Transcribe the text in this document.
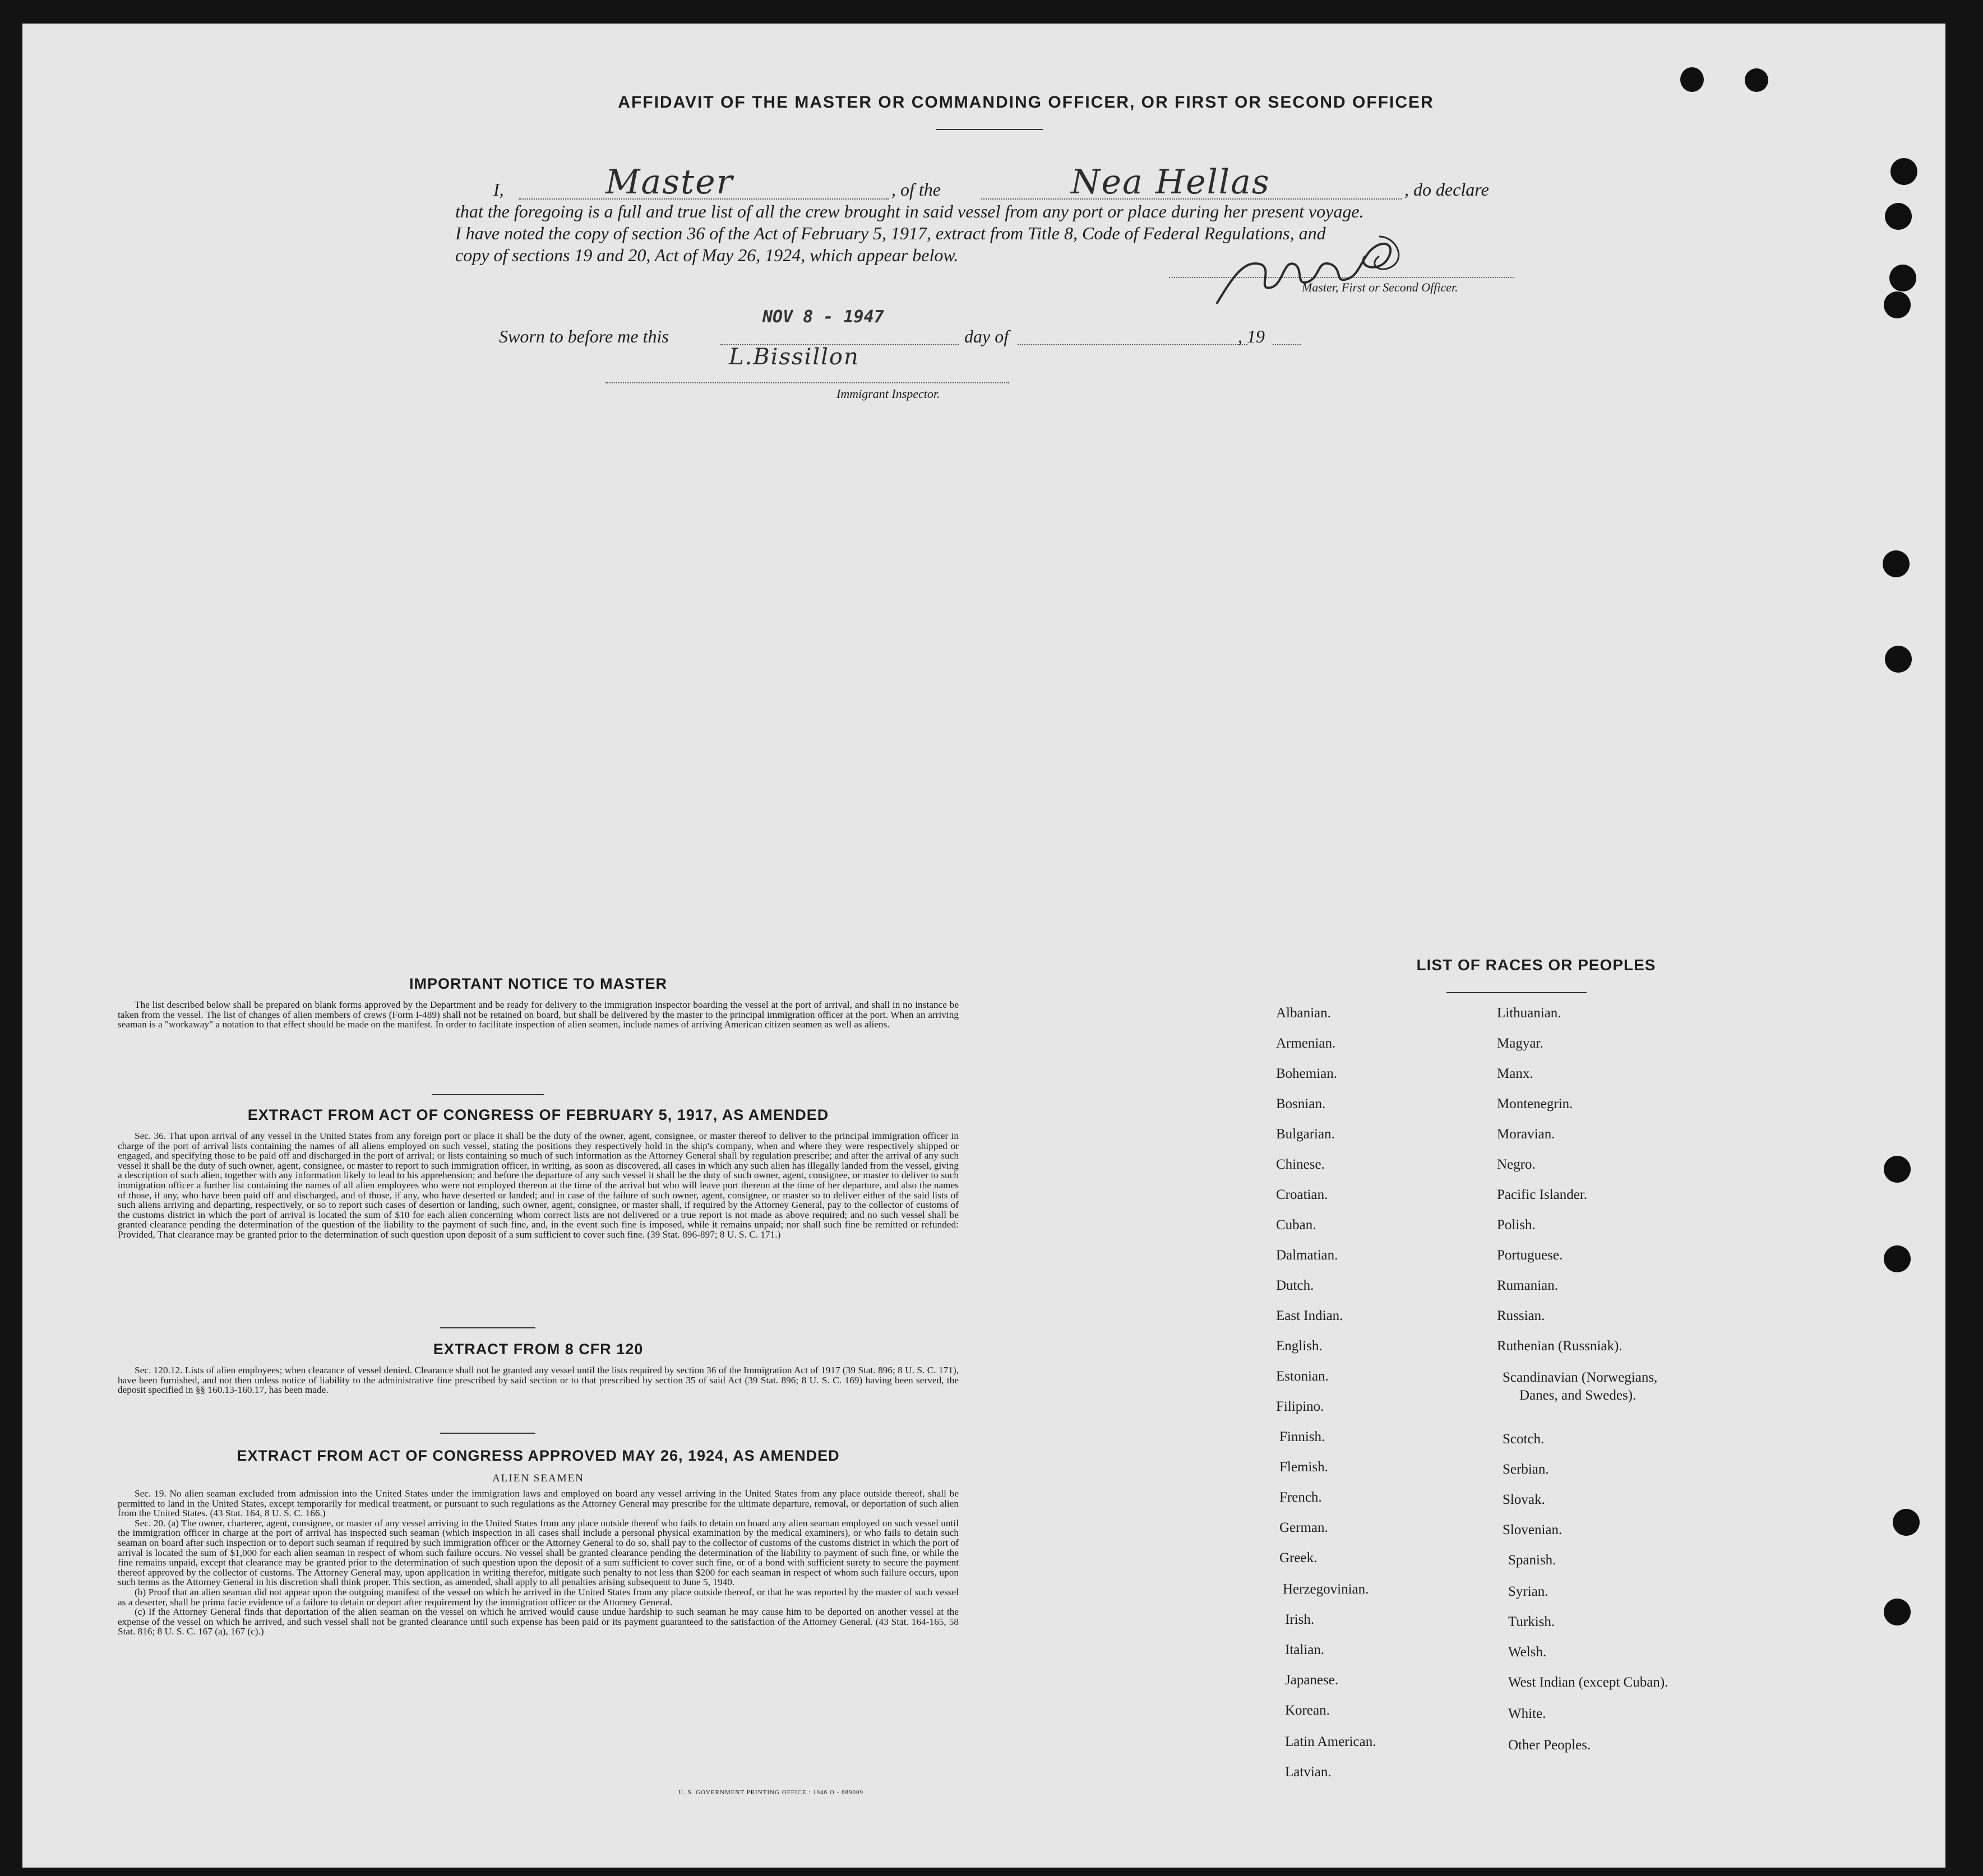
AFFIDAVIT OF THE MASTER OR COMMANDING OFFICER, OR FIRST OR SECOND OFFICER
I,	Master	, of the	Nea Hellas	, do declare
that the foregoing is a full and true list of all the crew brought in said vessel from any port or place during her present voyage.
I have noted the copy of section 36 of the Act of February 5, 1917, extract from Title 8, Code of Federal Regulations, and
copy of sections 19 and 20, Act of May 26, 1924, which appear below.
Master, First or Second Officer.
Sworn to before me this
NOV 8 - 1947
day of	, 19
L.Bissillon
Immigrant Inspector.
IMPORTANT NOTICE TO MASTER

The list described below shall be prepared on blank forms approved by the Department and be ready for delivery to the immigration inspector boarding the vessel at the port of arrival, and shall in no instance be taken from the vessel. The list of changes of alien members of crews (Form I-489) shall not be retained on board, but shall be delivered by the master to the principal immigration officer at the port. When an arriving seaman is a "workaway" a notation to that effect should be made on the manifest. In order to facilitate inspection of alien seamen, include names of arriving American citizen seamen as well as aliens.

EXTRACT FROM ACT OF CONGRESS OF FEBRUARY 5, 1917, AS AMENDED

Sec. 36. That upon arrival of any vessel in the United States from any foreign port or place it shall be the duty of the owner, agent, consignee, or master thereof to deliver to the principal immigration officer in charge of the port of arrival lists containing the names of all aliens employed on such vessel, stating the positions they respectively hold in the ship's company, when and where they were respectively shipped or engaged, and specifying those to be paid off and discharged in the port of arrival; or lists containing so much of such information as the Attorney General shall by regulation prescribe; and after the arrival of any such vessel it shall be the duty of such owner, agent, consignee, or master to report to such immigration officer, in writing, as soon as discovered, all cases in which any such alien has illegally landed from the vessel, giving a description of such alien, together with any information likely to lead to his apprehension; and before the departure of any such vessel it shall be the duty of such owner, agent, consignee, or master to deliver to such immigration officer a further list containing the names of all alien employees who were not employed thereon at the time of the arrival but who will leave port thereon at the time of her departure, and also the names of those, if any, who have been paid off and discharged, and of those, if any, who have deserted or landed; and in case of the failure of such owner, agent, consignee, or master so to deliver either of the said lists of such aliens arriving and departing, respectively, or so to report such cases of desertion or landing, such owner, agent, consignee, or master shall, if required by the Attorney General, pay to the collector of customs of the customs district in which the port of arrival is located the sum of $10 for each alien concerning whom correct lists are not delivered or a true report is not made as above required; and no such vessel shall be granted clearance pending the determination of the question of the liability to the payment of such fine, and, in the event such fine is imposed, while it remains unpaid; nor shall such fine be remitted or refunded: Provided, That clearance may be granted prior to the determination of such question upon deposit of a sum sufficient to cover such fine. (39 Stat. 896-897; 8 U. S. C. 171.)

EXTRACT FROM 8 CFR 120

Sec. 120.12. Lists of alien employees; when clearance of vessel denied. Clearance shall not be granted any vessel until the lists required by section 36 of the Immigration Act of 1917 (39 Stat. 896; 8 U. S. C. 171), have been furnished, and not then unless notice of liability to the administrative fine prescribed by said section or to that prescribed by section 35 of said Act (39 Stat. 896; 8 U. S. C. 169) having been served, the deposit specified in §§ 160.13-160.17, has been made.

EXTRACT FROM ACT OF CONGRESS APPROVED MAY 26, 1924, AS AMENDED
ALIEN SEAMEN

Sec. 19. No alien seaman excluded from admission into the United States under the immigration laws and employed on board any vessel arriving in the United States from any place outside thereof, shall be permitted to land in the United States, except temporarily for medical treatment, or pursuant to such regulations as the Attorney General may prescribe for the ultimate departure, removal, or deportation of such alien from the United States. (43 Stat. 164, 8 U. S. C. 166.)

Sec. 20. (a) The owner, charterer, agent, consignee, or master of any vessel arriving in the United States from any place outside thereof who fails to detain on board any alien seaman employed on such vessel until the immigration officer in charge at the port of arrival has inspected such seaman (which inspection in all cases shall include a personal physical examination by the medical examiners), or who fails to detain such seaman on board after such inspection or to deport such seaman if required by such immigration officer or the Attorney General to do so, shall pay to the collector of customs of the customs district in which the port of arrival is located the sum of $1,000 for each alien seaman in respect of whom such failure occurs. No vessel shall be granted clearance pending the determination of the liability to payment of such fine, or while the fine remains unpaid, except that clearance may be granted prior to the determination of such question upon the deposit of a sum sufficient to cover such fine, or of a bond with sufficient surety to secure the payment thereof approved by the collector of customs. The Attorney General may, upon application in writing therefor, mitigate such penalty to not less than $200 for each seaman in respect of whom such failure occurs, upon such terms as the Attorney General in his discretion shall think proper. This section, as amended, shall apply to all penalties arising subsequent to June 5, 1940.

(b) Proof that an alien seaman did not appear upon the outgoing manifest of the vessel on which he arrived in the United States from any place outside thereof, or that he was reported by the master of such vessel as a deserter, shall be prima facie evidence of a failure to detain or deport after requirement by the immigration officer or the Attorney General.

(c) If the Attorney General finds that deportation of the alien seaman on the vessel on which he arrived would cause undue hardship to such seaman he may cause him to be deported on another vessel at the expense of the vessel on which he arrived, and such vessel shall not be granted clearance until such expense has been paid or its payment guaranteed to the satisfaction of the Attorney General. (43 Stat. 164-165, 58 Stat. 816; 8 U. S. C. 167 (a), 167 (c).)

U. S. GOVERNMENT PRINTING OFFICE : 1946 O - 689009
LIST OF RACES OR PEOPLES
Albanian.
Armenian.
Bohemian.
Bosnian.
Bulgarian.
Chinese.
Croatian.
Cuban.
Dalmatian.
Dutch.
East Indian.
English.
Estonian.
Filipino.
Finnish.
Flemish.
French.
German.
Greek.
Herzegovinian.
Irish.
Italian.
Japanese.
Korean.
Latin American.
Latvian.
Lithuanian.
Magyar.
Manx.
Montenegrin.
Moravian.
Negro.
Pacific Islander.
Polish.
Portuguese.
Rumanian.
Russian.
Ruthenian (Russniak).
Scandinavian (Norwegians,
Danes, and Swedes).
Scotch.
Serbian.
Slovak.
Slovenian.
Spanish.
Syrian.
Turkish.
Welsh.
West Indian (except Cuban).
White.
Other Peoples.
